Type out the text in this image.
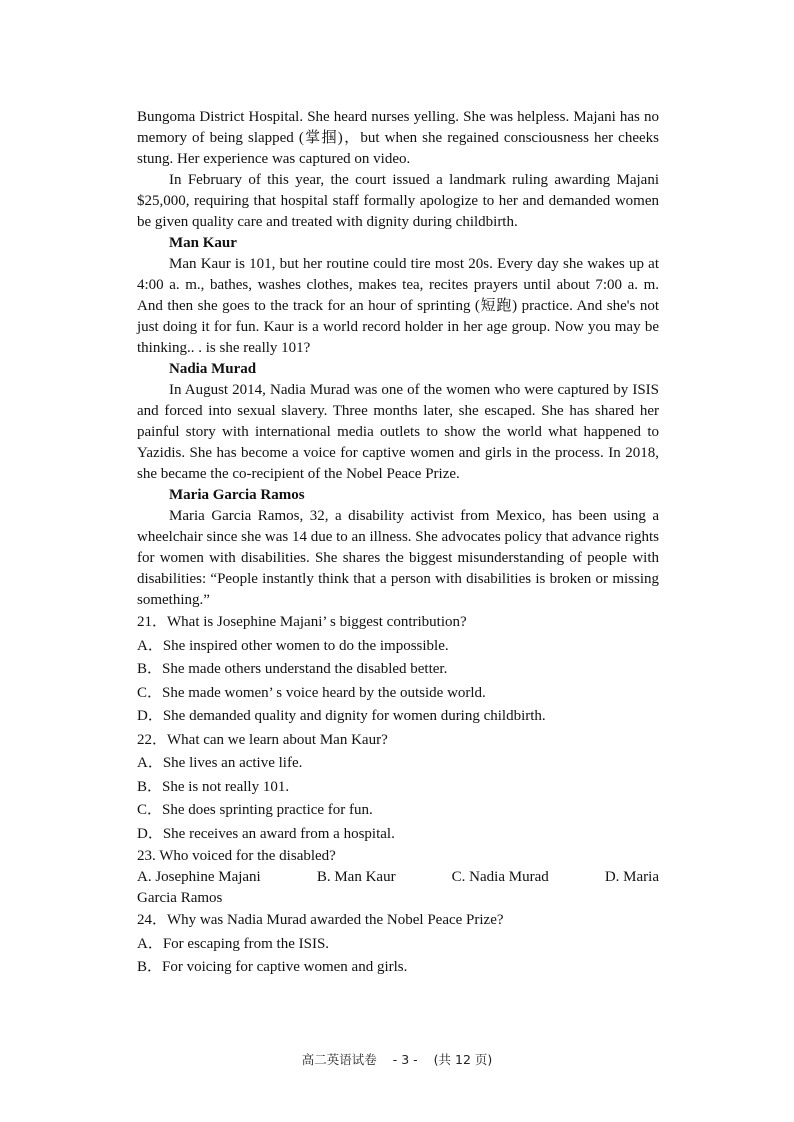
Bungoma District Hospital. She heard nurses yelling. She was helpless. Majani has no memory of being slapped (掌掴)，but when she regained consciousness her cheeks stung. Her experience was captured on video.

In February of this year, the court issued a landmark ruling awarding Majani $25,000, requiring that hospital staff formally apologize to her and demanded women be given quality care and treated with dignity during childbirth.

Man Kaur

Man Kaur is 101, but her routine could tire most 20s. Every day she wakes up at 4:00 a. m., bathes, washes clothes, makes tea, recites prayers until about 7:00 a. m. And then she goes to the track for an hour of sprinting (短跑) practice. And she's not just doing it for fun. Kaur is a world record holder in her age group. Now you may be thinking.. . is she really 101?

Nadia Murad

In August 2014, Nadia Murad was one of the women who were captured by ISIS and forced into sexual slavery. Three months later, she escaped. She has shared her painful story with international media outlets to show the world what happened to Yazidis. She has become a voice for captive women and girls in the process. In 2018, she became the co-recipient of the Nobel Peace Prize.

Maria Garcia Ramos

Maria Garcia Ramos, 32, a disability activist from Mexico, has been using a wheelchair since she was 14 due to an illness. She advocates policy that advance rights for women with disabilities. She shares the biggest misunderstanding of people with disabilities: “People instantly think that a person with disabilities is broken or missing something.”

21．What is Josephine Majani’ s biggest contribution?

A．She inspired other women to do the impossible.

B．She made others understand the disabled better.

C．She made women’ s voice heard by the outside world.

D．She demanded quality and dignity for women during childbirth.

22．What can we learn about Man Kaur?

A．She lives an active life.

B．She is not really 101.

C．She does sprinting practice for fun.

D．She receives an award from a hospital.

23. Who voiced for the disabled?

A. Josephine Majani	B. Man Kaur	C. Nadia Murad	D. Maria

Garcia Ramos

24．Why was Nadia Murad awarded the Nobel Peace Prize?

A．For escaping from the ISIS.

B．For voicing for captive women and girls.

高二英语试卷 - 3 - (共 12 页)
